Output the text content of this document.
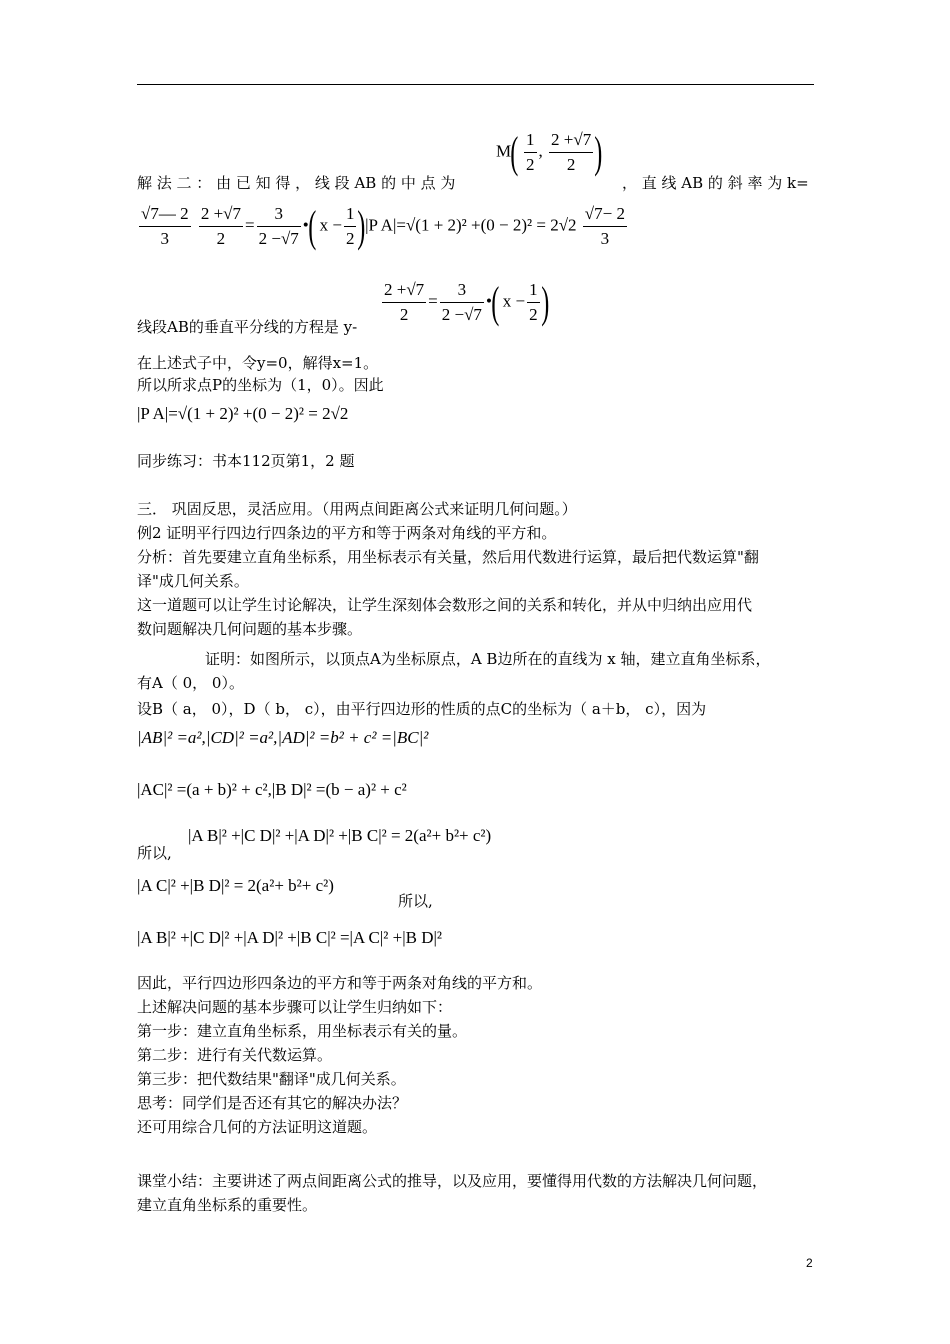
$M( \frac{1}{2}$ , $\frac{2 +√7}{2}$ )
解 法 二 ： 由 已 知 得 ， 线 段 AB 的 中 点 为	， 直 线 AB 的 斜 率 为 k=
$\frac{√7— 2}{3}$
$\frac{2 +√7}{2} = \frac{3}{2 -√7}$ •( $x - \frac{1}{2} )|P$ $A|=√(1 + 2)^2 +(0 - 2)^2 = 2√2 \frac{√7- 2}{3}$
$\frac{2 +√7}{2} = \frac{3}{2 -√7}$ •( $x - \frac{1}{2}$ )
线段AB的垂直平分线的方程是 y-
在上述式子中，令y=0，解得x=1。
所以所求点P的坐标为（1，0）。因此
|P A|=√(1 + 2)² +(0 − 2)² = 2√2
同步练习：书本112页第1，2 题
三． 巩固反思，灵活应用。（用两点间距离公式来证明几何问题。）
例2 证明平行四边行四条边的平方和等于两条对角线的平方和。
分析：首先要建立直角坐标系，用坐标表示有关量，然后用代数进行运算，最后把代数运算"翻
译"成几何关系。
这一道题可以让学生讨论解决，让学生深刻体会数形之间的关系和转化，并从中归纳出应用代
数问题解决几何问题的基本步骤。
证明：如图所示，以顶点A为坐标原点，A B边所在的直线为 x 轴，建立直角坐标系，
有A（ 0， 0）。
设B（ a， 0），D（ b， c），由平行四边形的性质的点C的坐标为（ a＋b， c），因为
|AB|² =a²,|CD|² =a²,|AD|² =b² + c² =|BC|²
|AC|² =(a + b)² + c²,|B D|² =(b − a)² + c²
所以,
|A B|² +|C D|² +|A D|² +|B C|² = 2(a²+ b²+ c²)
|A C|² +|B D|² = 2(a²+ b²+ c²)
所以,
|A B|² +|C D|² +|A D|² +|B C|² =|A C|² +|B D|²
因此，平行四边形四条边的平方和等于两条对角线的平方和。
上述解决问题的基本步骤可以让学生归纳如下：
第一步：建立直角坐标系，用坐标表示有关的量。
第二步：进行有关代数运算。
第三步：把代数结果"翻译"成几何关系。
思考：同学们是否还有其它的解决办法？
还可用综合几何的方法证明这道题。
课堂小结：主要讲述了两点间距离公式的推导，以及应用，要懂得用代数的方法解决几何问题，
建立直角坐标系的重要性。
2
